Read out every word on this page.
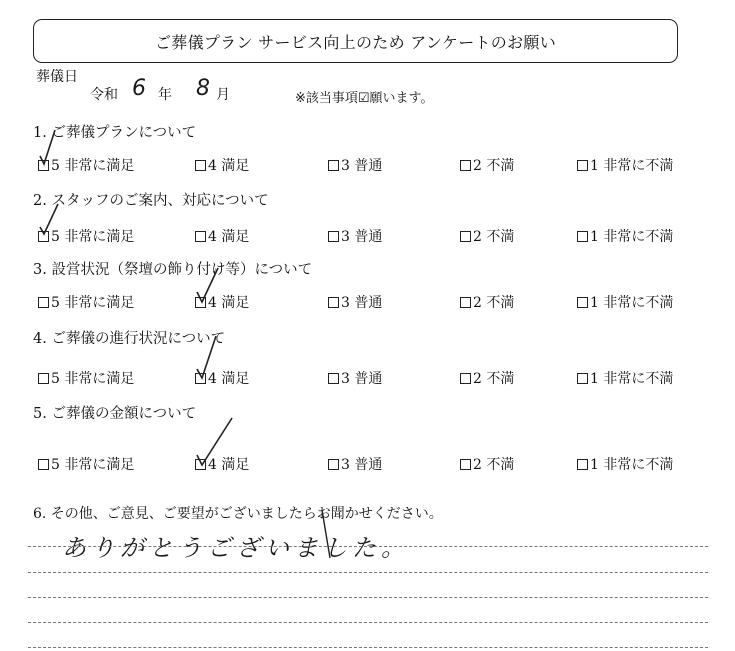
ご葬儀プラン サービス向上のため アンケートのお願い
葬儀日
令和 6 年 8 月	※該当事項☑願います。
1. ご葬儀プランについて
5 非常に満足	4 満足	3 普通	2 不満	1 非常に不満
2. スタッフのご案内、対応について
5 非常に満足	4 満足	3 普通	2 不満	1 非常に不満
3. 設営状況（祭壇の飾り付け等）について
5 非常に満足	4 満足	3 普通	2 不満	1 非常に不満
4. ご葬儀の進行状況について
5 非常に満足	4 満足	3 普通	2 不満	1 非常に不満
5. ご葬儀の金額について
5 非常に満足	4 満足	3 普通	2 不満	1 非常に不満
6. その他、ご意見、ご要望がございましたらお聞かせください。
ありがとうございました。
